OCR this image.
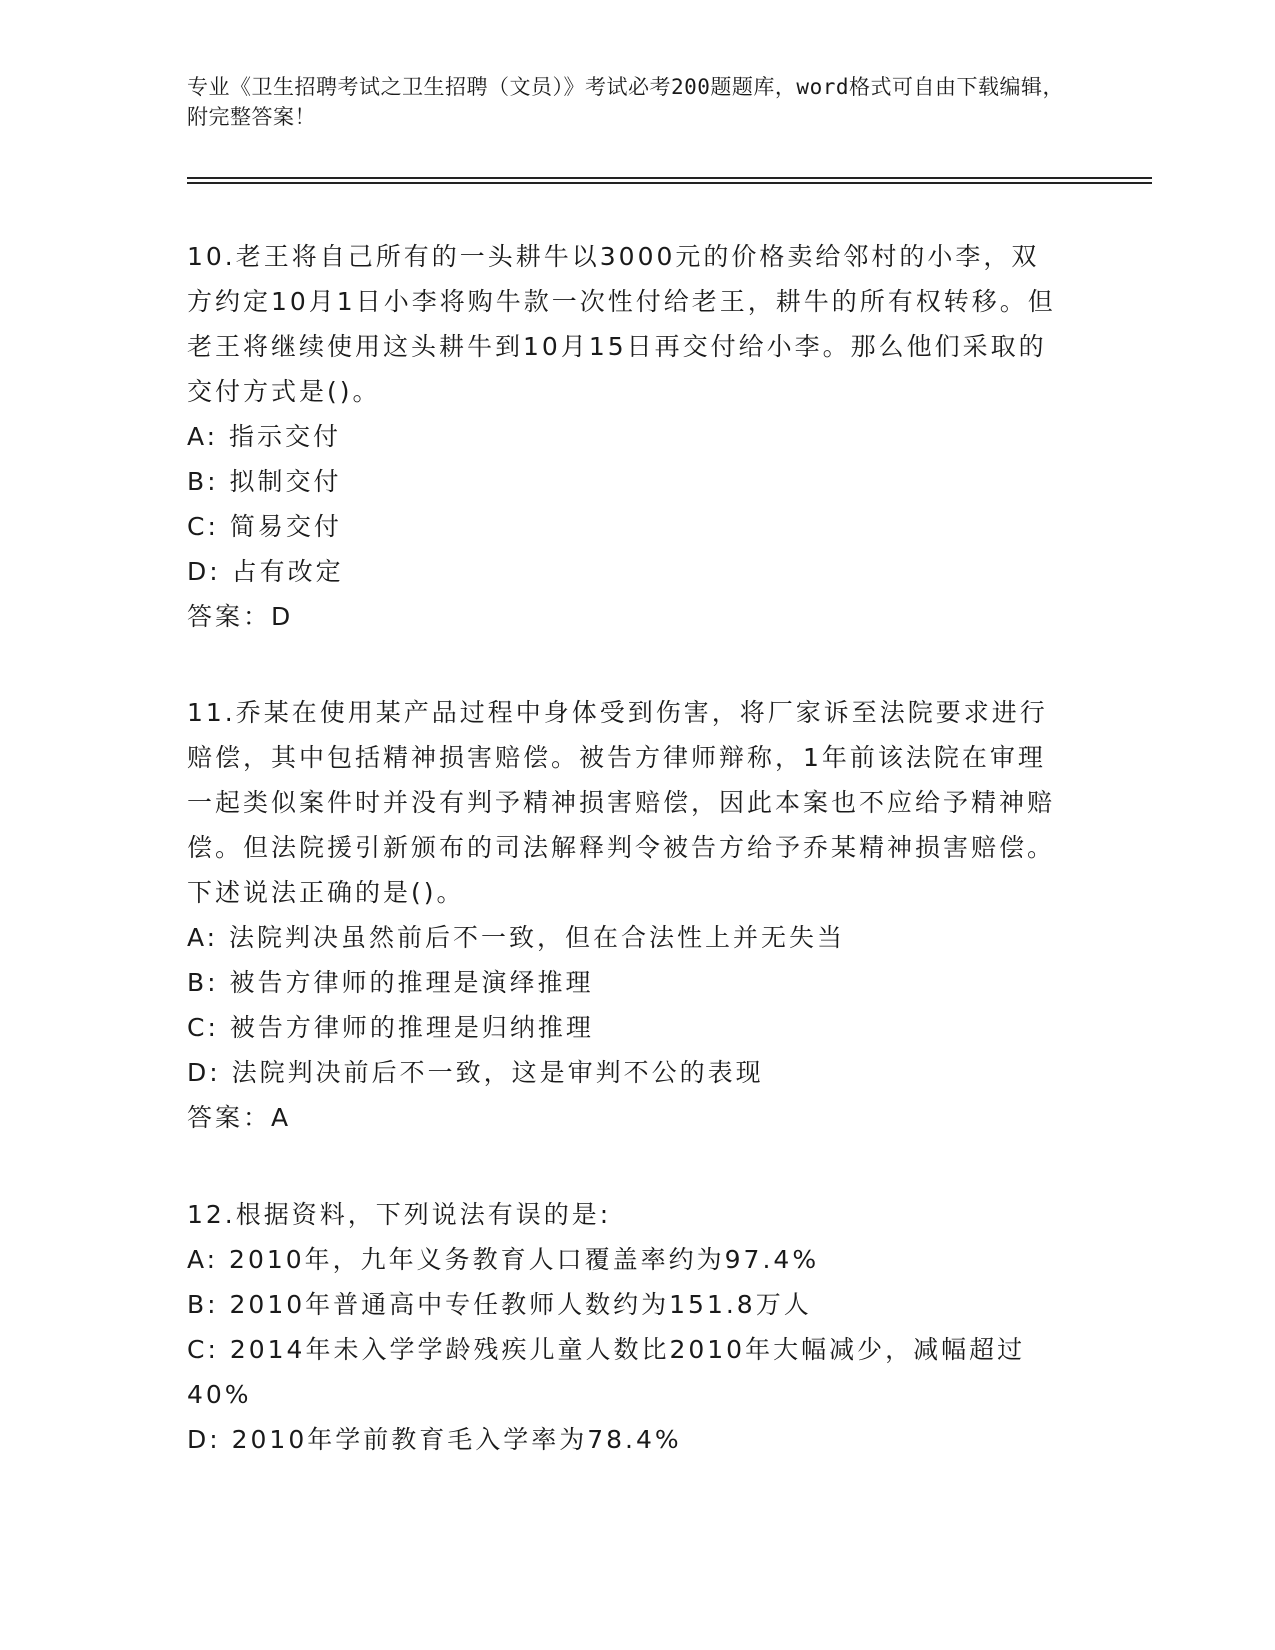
专业《卫生招聘考试之卫生招聘（文员）》考试必考200题题库，word格式可自由下载编辑，附完整答案！

10.老王将自己所有的一头耕牛以3000元的价格卖给邻村的小李，双方约定10月1日小李将购牛款一次性付给老王，耕牛的所有权转移。但老王将继续使用这头耕牛到10月15日再交付给小李。那么他们采取的交付方式是()。

A: 指示交付
B: 拟制交付
C: 简易交付
D: 占有改定
答案：D

11.乔某在使用某产品过程中身体受到伤害，将厂家诉至法院要求进行赔偿，其中包括精神损害赔偿。被告方律师辩称，1年前该法院在审理一起类似案件时并没有判予精神损害赔偿，因此本案也不应给予精神赔偿。但法院援引新颁布的司法解释判令被告方给予乔某精神损害赔偿。下述说法正确的是()。

A: 法院判决虽然前后不一致，但在合法性上并无失当
B: 被告方律师的推理是演绎推理
C: 被告方律师的推理是归纳推理
D: 法院判决前后不一致，这是审判不公的表现
答案：A

12.根据资料，下列说法有误的是:

A: 2010年，九年义务教育人口覆盖率约为97.4%
B: 2010年普通高中专任教师人数约为151.8万人
C: 2014年未入学学龄残疾儿童人数比2010年大幅减少，减幅超过40%
D: 2010年学前教育毛入学率为78.4%
